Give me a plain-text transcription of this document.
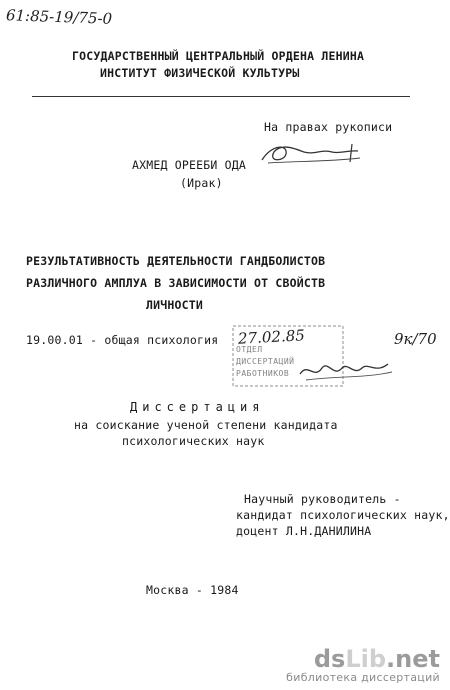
61:85-19/75-0
ГОСУДАРСТВЕННЫЙ ЦЕНТРАЛЬНЫЙ ОРДЕНА ЛЕНИНА
ИНСТИТУТ ФИЗИЧЕСКОЙ КУЛЬТУРЫ
На правах рукописи
АХМЕД ОРЕЕБИ ОДА
(Ирак)
РЕЗУЛЬТАТИВНОСТЬ ДЕЯТЕЛЬНОСТИ ГАНДБОЛИСТОВ
РАЗЛИЧНОГО АМПЛУА В ЗАВИСИМОСТИ ОТ СВОЙСТВ
ЛИЧНОСТИ
19.00.01 - общая психология
ОТДЕЛ
ДИССЕРТАЦИЙ
РАБОТНИКОВ
27.02.85	9к/70
Диссертация
на соискание ученой степени кандидата
психологических наук
Научный руководитель -
кандидат психологических наук,
доцент Л.Н.ДАНИЛИНА
Москва - 1984
dsLib.net
библиотека диссертаций
